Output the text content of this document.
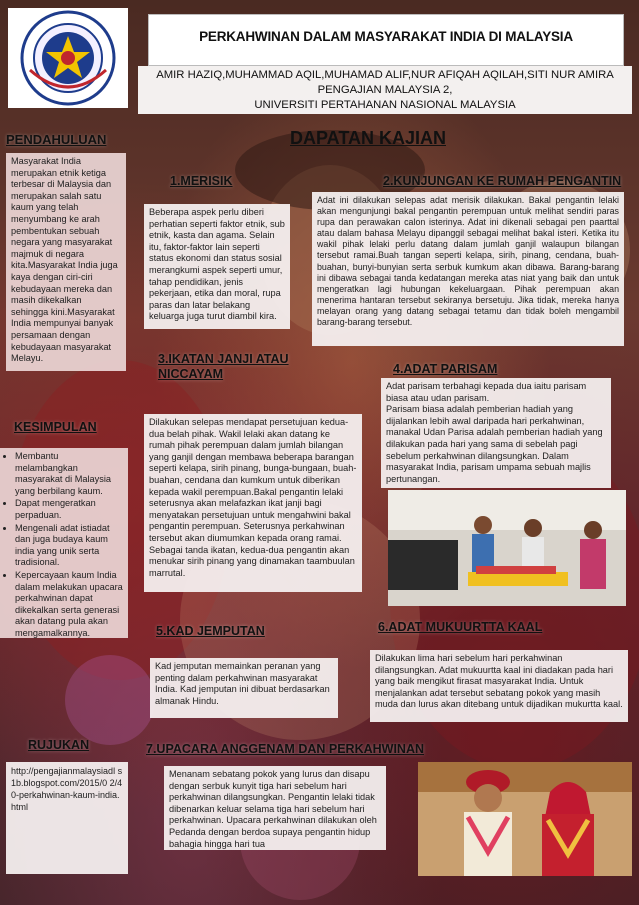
PERKAHWINAN DALAM MASYARAKAT INDIA DI MALAYSIA
AMIR HAZIQ,MUHAMMAD AQIL,MUHAMAD ALIF,NUR AFIQAH AQILAH,SITI NUR AMIRA
PENGAJIAN MALAYSIA 2,
UNIVERSITI PERTAHANAN NASIONAL MALAYSIA
PENDAHULUAN
Masyarakat India merupakan etnik ketiga terbesar di Malaysia dan merupakan salah satu kaum yang telah menyumbang ke arah pembentukan sebuah negara yang masyarakat majmuk di negara kita.Masyarakat India juga kaya dengan ciri-ciri kebudayaan mereka dan masih dikekalkan sehingga kini.Masyarakat India mempunyai banyak persamaan dengan kebudayaan masyarakat Melayu.
DAPATAN KAJIAN
1.MERISIK
Beberapa aspek perlu diberi perhatian seperti faktor etnik, sub etnik, kasta dan agama. Selain itu, faktor-faktor lain seperti status ekonomi dan status sosial merangkumi aspek seperti umur, tahap pendidikan, jenis pekerjaan, etika dan moral, rupa paras dan latar belakang keluarga juga turut diambil kira.
2.KUNJUNGAN KE RUMAH PENGANTIN
Adat ini dilakukan selepas adat merisik dilakukan. Bakal pengantin lelaki akan mengunjungi bakal pengantin perempuan untuk melihat sendiri paras rupa dan perawakan calon isterinya. Adat ini dikenali sebagai pen paarttal atau dalam bahasa Melayu dipanggil sebagai melihat bakal isteri. Ketika itu wakil pihak lelaki perlu datang dalam jumlah ganjil walaupun bilangan tersebut ramai.Buah tangan seperti kelapa, sirih, pinang, cendana, buah-buahan, bunyi-bunyian serta serbuk kumkum akan dibawa. Barang-barang ini dibawa sebagai tanda kedatangan mereka atas niat yang baik dan untuk mengeratkan lagi hubungan kekeluargaan. Pihak perempuan akan menerima hantaran tersebut sekiranya bersetuju. Jika tidak, mereka hanya melayan orang yang datang sebagai tetamu dan tidak boleh mengambil barang-barang tersebut.
3.IKATAN JANJI ATAU
NICCAYAM
Dilakukan selepas mendapat persetujuan kedua-dua belah pihak. Wakil lelaki akan datang ke rumah pihak perempuan dalam jumlah bilangan yang ganjil dengan membawa beberapa barangan seperti kelapa, sirih pinang, bunga-bungaan, buah-buahan, cendana dan kumkum untuk diberikan kepada wakil perempuan.Bakal pengantin lelaki seterusnya akan melafazkan ikat janji bagi menyatakan persetujuan untuk mengahwini bakal pengantin perempuan. Seterusnya perkahwinan tersebut akan diumumkan kepada orang ramai. Sebagai tanda ikatan, kedua-dua pengantin akan menukar sirih pinang yang dinamakan taambuulan marrutal.
4.ADAT PARISAM
Adat parisam terbahagi kepada dua iaitu parisam biasa atau udan parisam.
Parisam biasa adalah pemberian hadiah yang dijalankan lebih awal daripada hari perkahwinan, manakal Udan Parisa adalah pemberian hadiah yang dilakukan pada hari yang sama di sebelah pagi sebelum perkahwinan dilangsungkan. Dalam masyarakat India, parisam umpama sebuah majlis pertunangan.
KESIMPULAN
• Membantu melambangkan masyarakat di Malaysia yang berbilang kaum.
• Dapat mengeratkan perpaduan.
• Mengenali adat istiadat dan juga budaya kaum india yang unik serta tradisional.
• Kepercayaan kaum India dalam melakukan upacara perkahwinan dapat dikekalkan serta generasi akan datang pula akan mengamalkannya.	5.KAD JEMPUTAN
Kad jemputan memainkan peranan yang penting dalam perkahwinan masyarakat India. Kad jemputan ini dibuat berdasarkan almanak Hindu.
6.ADAT MUKUURTTA KAAL
Dilakukan lima hari sebelum hari perkahwinan dilangsungkan. Adat mukuurtta kaal ini diadakan pada hari yang baik mengikut firasat masyarakat India. Untuk menjalankan adat tersebut sebatang pokok yang masih muda dan lurus akan ditebang untuk dijadikan mukurtta kaal.
RUJUKAN
http://pengajianmalaysiadl s1b.blogspot.com/2015/0 2/40-perkahwinan-kaum-india.html
7.UPACARA ANGGENAM DAN PERKAHWINAN
Menanam sebatang pokok yang lurus dan disapu dengan serbuk kunyit tiga hari sebelum hari perkahwinan dilangsungkan. Pengantin lelaki tidak dibenarkan keluar selama tiga hari sebelum hari perkahwinan. Upacara perkahwinan dilakukan oleh Pedanda dengan berdoa supaya pengantin hidup bahagia hingga hari tua
